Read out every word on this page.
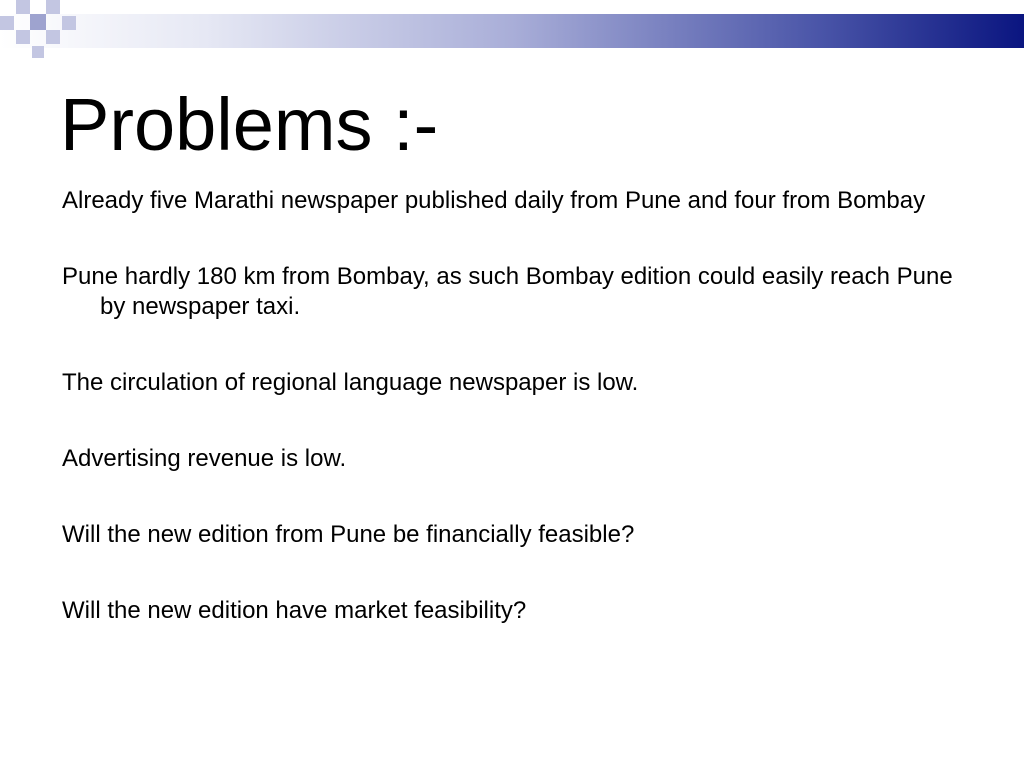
Problems :-

Already five Marathi newspaper published daily from Pune and four from Bombay

Pune hardly 180 km from Bombay, as such Bombay edition could easily reach Pune by newspaper taxi.

The circulation of regional language newspaper is low.

Advertising revenue is low.

Will the new edition from Pune be financially feasible?

Will the new edition have market feasibility?
